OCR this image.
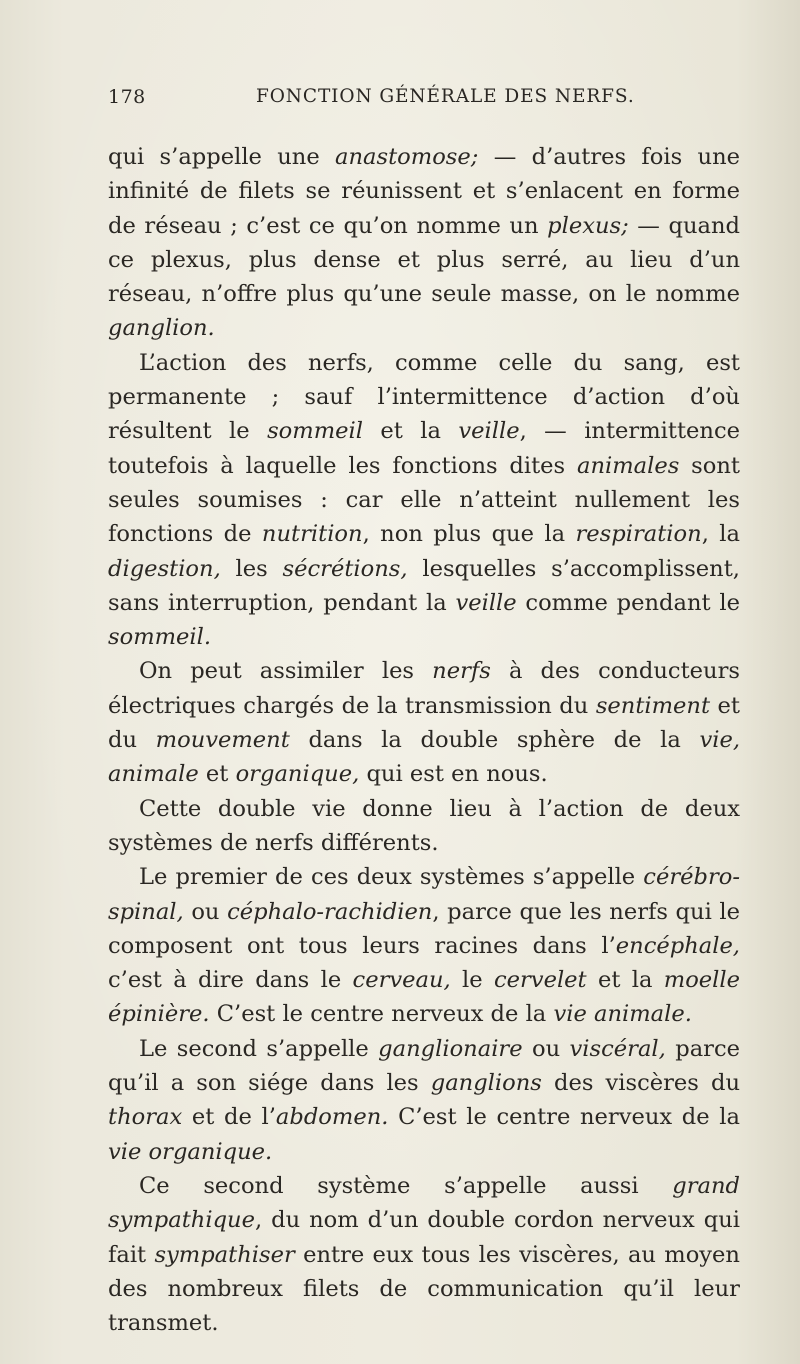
178	FONCTION GÉNÉRALE DES NERFS.

qui s’appelle une anastomose; — d’autres fois une infinité de filets se réunissent et s’enlacent en forme de réseau ; c’est ce qu’on nomme un plexus; — quand ce plexus, plus dense et plus serré, au lieu d’un réseau, n’offre plus qu’une seule masse, on le nomme ganglion.

L’action des nerfs, comme celle du sang, est permanente ; sauf l’intermittence d’action d’où résultent le sommeil et la veille, — intermittence toutefois à laquelle les fonctions dites animales sont seules soumises : car elle n’atteint nullement les fonctions de nutrition, non plus que la respiration, la digestion, les sécrétions, lesquelles s’accomplissent, sans interruption, pendant la veille comme pendant le sommeil.

On peut assimiler les nerfs à des conducteurs électriques chargés de la transmission du sentiment et du mouvement dans la double sphère de la vie, animale et organique, qui est en nous.

Cette double vie donne lieu à l’action de deux systèmes de nerfs différents.

Le premier de ces deux systèmes s’appelle cérébro-spinal, ou céphalo-rachidien, parce que les nerfs qui le composent ont tous leurs racines dans l’encéphale, c’est à dire dans le cerveau, le cervelet et la moelle épinière. C’est le centre nerveux de la vie animale.

Le second s’appelle ganglionaire ou viscéral, parce qu’il a son siége dans les ganglions des viscères du thorax et de l’abdomen. C’est le centre nerveux de la vie organique.

Ce second système s’appelle aussi grand sympathique, du nom d’un double cordon nerveux qui fait sympathiser entre eux tous les viscères, au moyen des nombreux filets de communication qu’il leur transmet.
